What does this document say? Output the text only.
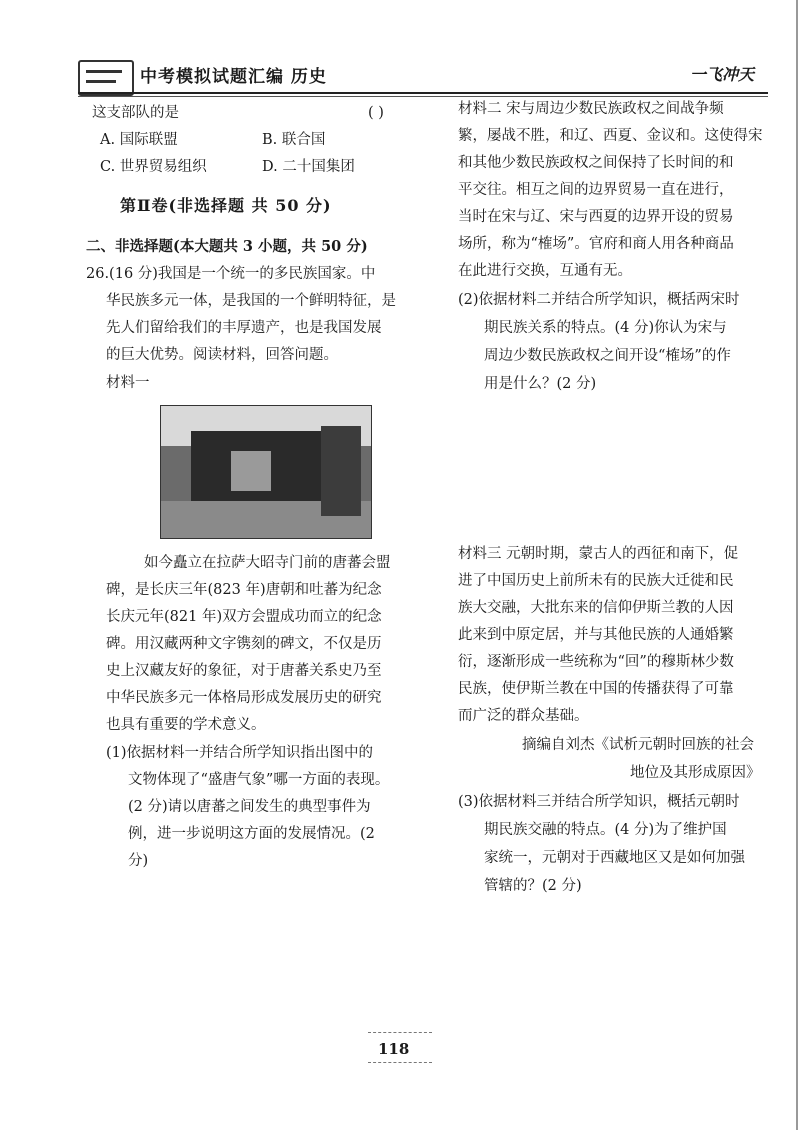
中考模拟试题汇编 历史	一飞冲天
这支部队的是	( )
A. 国际联盟	B. 联合国
C. 世界贸易组织	D. 二十国集团
第Ⅱ卷(非选择题 共 50 分)
二、非选择题(本大题共 3 小题，共 50 分)
26.(16 分)我国是一个统一的多民族国家。中
华民族多元一体，是我国的一个鲜明特征，是
先人们留给我们的丰厚遗产，也是我国发展
的巨大优势。阅读材料，回答问题。
材料一
如今矗立在拉萨大昭寺门前的唐蕃会盟
碑，是长庆三年(823 年)唐朝和吐蕃为纪念
长庆元年(821 年)双方会盟成功而立的纪念
碑。用汉藏两种文字镌刻的碑文，不仅是历
史上汉藏友好的象征，对于唐蕃关系史乃至
中华民族多元一体格局形成发展历史的研究
也具有重要的学术意义。
(1)依据材料一并结合所学知识指出图中的
文物体现了“盛唐气象”哪一方面的表现。
(2 分)请以唐蕃之间发生的典型事件为
例，进一步说明这方面的发展情况。(2
分)
材料二 宋与周边少数民族政权之间战争频
繁，屡战不胜，和辽、西夏、金议和。这使得宋
和其他少数民族政权之间保持了长时间的和
平交往。相互之间的边界贸易一直在进行，
当时在宋与辽、宋与西夏的边界开设的贸易
场所，称为“榷场”。官府和商人用各种商品
在此进行交换，互通有无。
(2)依据材料二并结合所学知识，概括两宋时
期民族关系的特点。(4 分)你认为宋与
周边少数民族政权之间开设“榷场”的作
用是什么？(2 分)
材料三 元朝时期，蒙古人的西征和南下，促
进了中国历史上前所未有的民族大迁徙和民
族大交融，大批东来的信仰伊斯兰教的人因
此来到中原定居，并与其他民族的人通婚繁
衍，逐渐形成一些统称为“回”的穆斯林少数
民族，使伊斯兰教在中国的传播获得了可靠
而广泛的群众基础。
摘编自刘杰《试析元朝时回族的社会
地位及其形成原因》
(3)依据材料三并结合所学知识，概括元朝时
期民族交融的特点。(4 分)为了维护国
家统一，元朝对于西藏地区又是如何加强
管辖的？(2 分)
118
